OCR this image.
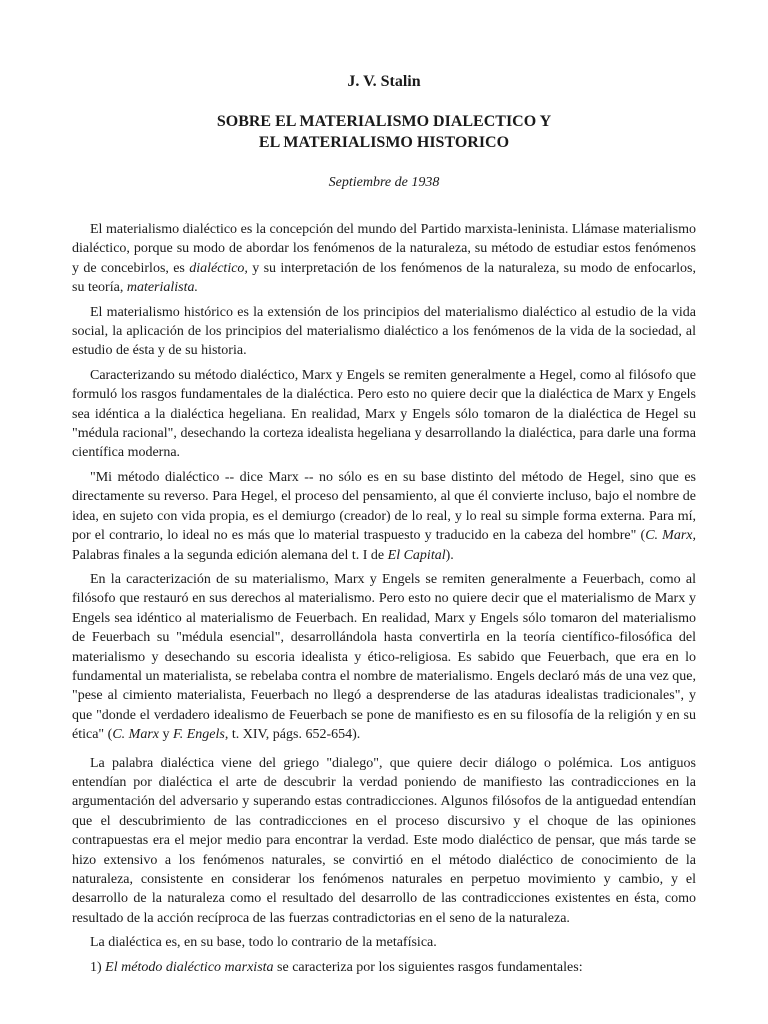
J. V. Stalin
SOBRE EL MATERIALISMO DIALECTICO Y
EL MATERIALISMO HISTORICO
Septiembre de 1938

El materialismo dialéctico es la concepción del mundo del Partido marxista-leninista. Llámase materialismo dialéctico, porque su modo de abordar los fenómenos de la naturaleza, su método de estudiar estos fenómenos y de concebirlos, es dialéctico, y su interpretación de los fenómenos de la naturaleza, su modo de enfocarlos, su teoría, materialista.

El materialismo histórico es la extensión de los principios del materialismo dialéctico al estudio de la vida social, la aplicación de los principios del materialismo dialéctico a los fenómenos de la vida de la sociedad, al estudio de ésta y de su historia.

Caracterizando su método dialéctico, Marx y Engels se remiten generalmente a Hegel, como al filósofo que formuló los rasgos fundamentales de la dialéctica. Pero esto no quiere decir que la dialéctica de Marx y Engels sea idéntica a la dialéctica hegeliana. En realidad, Marx y Engels sólo tomaron de la dialéctica de Hegel su "médula racional", desechando la corteza idealista hegeliana y desarrollando la dialéctica, para darle una forma científica moderna.

"Mi método dialéctico -- dice Marx -- no sólo es en su base distinto del método de Hegel, sino que es directamente su reverso. Para Hegel, el proceso del pensamiento, al que él convierte incluso, bajo el nombre de idea, en sujeto con vida propia, es el demiurgo (creador) de lo real, y lo real su simple forma externa. Para mí, por el contrario, lo ideal no es más que lo material traspuesto y traducido en la cabeza del hombre" (C. Marx, Palabras finales a la segunda edición alemana del t. I de El Capital).

En la caracterización de su materialismo, Marx y Engels se remiten generalmente a Feuerbach, como al filósofo que restauró en sus derechos al materialismo. Pero esto no quiere decir que el materialismo de Marx y Engels sea idéntico al materialismo de Feuerbach. En realidad, Marx y Engels sólo tomaron del materialismo de Feuerbach su "médula esencial", desarrollándola hasta convertirla en la teoría científico-filosófica del materialismo y desechando su escoria idealista y ético-religiosa. Es sabido que Feuerbach, que era en lo fundamental un materialista, se rebelaba contra el nombre de materialismo. Engels declaró más de una vez que, "pese al cimiento materialista, Feuerbach no llegó a desprenderse de las ataduras idealistas tradicionales", y que "donde el verdadero idealismo de Feuerbach se pone de manifiesto es en su filosofía de la religión y en su ética" (C. Marx y F. Engels, t. XIV, págs. 652-654).

La palabra dialéctica viene del griego "dialego", que quiere decir diálogo o polémica. Los antiguos entendían por dialéctica el arte de descubrir la verdad poniendo de manifiesto las contradicciones en la argumentación del adversario y superando estas contradicciones. Algunos filósofos de la antiguedad entendían que el descubrimiento de las contradicciones en el proceso discursivo y el choque de las opiniones contrapuestas era el mejor medio para encontrar la verdad. Este modo dialéctico de pensar, que más tarde se hizo extensivo a los fenómenos naturales, se convirtió en el método dialéctico de conocimiento de la naturaleza, consistente en considerar los fenómenos naturales en perpetuo movimiento y cambio, y el desarrollo de la naturaleza como el resultado del desarrollo de las contradicciones existentes en ésta, como resultado de la acción recíproca de las fuerzas contradictorias en el seno de la naturaleza.

La dialéctica es, en su base, todo lo contrario de la metafísica.

1) El método dialéctico marxista se caracteriza por los siguientes rasgos fundamentales:
